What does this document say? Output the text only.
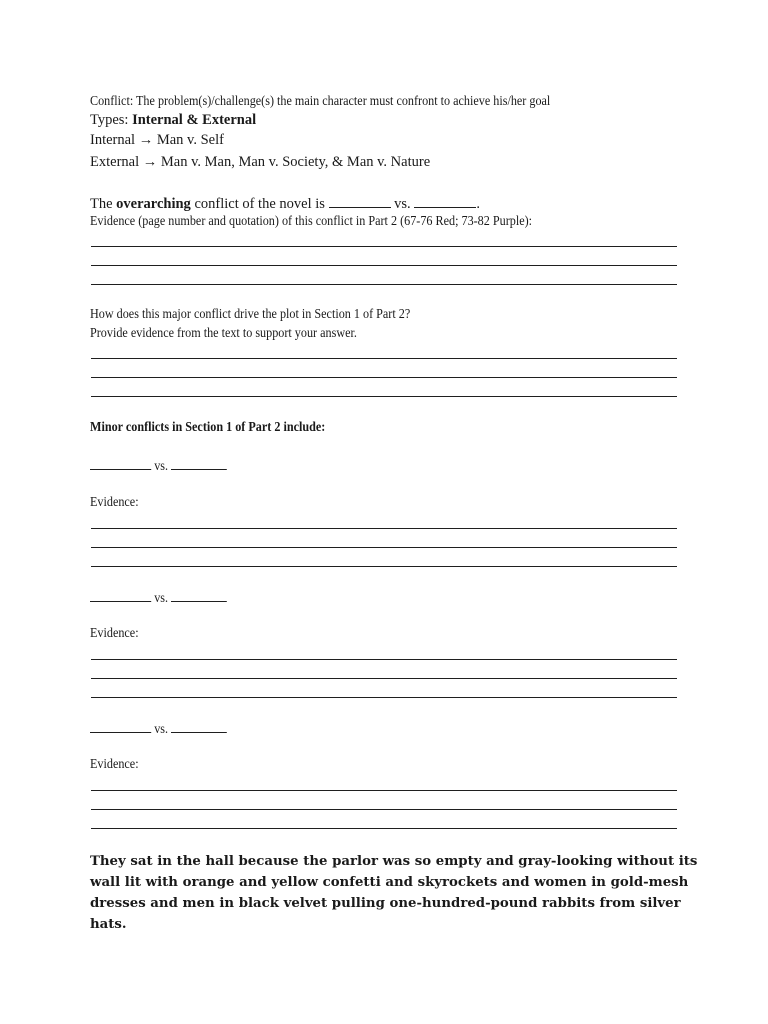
Conflict: The problem(s)/challenge(s) the main character must confront to achieve his/her goal
Types: Internal & External
Internal → Man v. Self
External → Man v. Man, Man v. Society, & Man v. Nature
The overarching conflict of the novel is	vs.	.
Evidence (page number and quotation) of this conflict in Part 2 (67-76 Red; 73-82 Purple):
How does this major conflict drive the plot in Section 1 of Part 2?
Provide evidence from the text to support your answer.
Minor conflicts in Section 1 of Part 2 include:
vs.
Evidence:
vs.
Evidence:
vs.
Evidence:
They sat in the hall because the parlor was so empty and gray-looking without its wall lit with orange and yellow confetti and skyrockets and women in gold-mesh dresses and men in black velvet pulling one-hundred-pound rabbits from silver hats.
